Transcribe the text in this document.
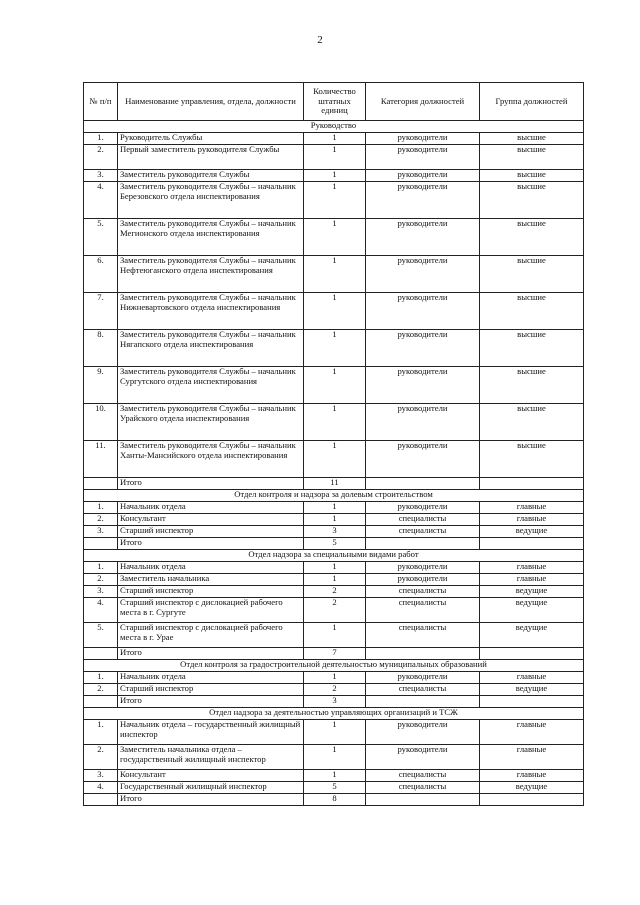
2
№ п/п	Наименование управления, отдела, должности	Количество штатных единиц	Категория должностей	Группа должностей
Руководство				
1.	Руководитель Службы	1	руководители	высшие
2.	Первый заместитель руководителя Службы	1	руководители	высшие
3.	Заместитель руководителя Службы	1	руководители	высшие
4.	Заместитель руководителя Службы – начальник Березовского отдела инспектирования	1	руководители	высшие
5.	Заместитель руководителя Службы – начальник Мегионского отдела инспектирования	1	руководители	высшие
6.	Заместитель руководителя Службы – начальник Нефтеюганского отдела инспектирования	1	руководители	высшие
7.	Заместитель руководителя Службы – начальник Нижневартовского отдела инспектирования	1	руководители	высшие
8.	Заместитель руководителя Службы – начальник Нягапского отдела инспектирования	1	руководители	высшие
9.	Заместитель руководителя Службы – начальник Сургутского отдела инспектирования	1	руководители	высшие
10.	Заместитель руководителя Службы – начальник Урайского отдела инспектирования	1	руководители	высшие
11.	Заместитель руководителя Службы – начальник Ханты-Мансийского отдела инспектирования	1	руководители	высшие
	Итого	11		
Отдел контроля и надзора за долевым строительством				
1.	Начальник отдела	1	руководители	главные
2.	Консультант	1	специалисты	главные
3.	Старший инспектор	3	специалисты	ведущие
	Итого	5		
Отдел надзора за специальными видами работ				
1.	Начальник отдела	1	руководители	главные
2.	Заместитель начальника	1	руководители	главные
3.	Старший инспектор	2	специалисты	ведущие
4.	Старший инспектор с дислокацией рабочего места в г. Сургуте	2	специалисты	ведущие
5.	Старший инспектор с дислокацией рабочего места в г. Урае	1	специалисты	ведущие
	Итого	7		
Отдел контроля за градостроительной деятельностью муниципальных образований				
1.	Начальник отдела	1	руководители	главные
2.	Старший инспектор	2	специалисты	ведущие
	Итого	3		
Отдел надзора за деятельностью управляющих организаций и ТСЖ				
1.	Начальник отдела – государственный жилищный инспектор	1	руководители	главные
2.	Заместитель начальника отдела – государственный жилищный инспектор	1	руководители	главные
3.	Консультант	1	специалисты	главные
4.	Государственный жилищный инспектор	5	специалисты	ведущие
	Итого	8		
